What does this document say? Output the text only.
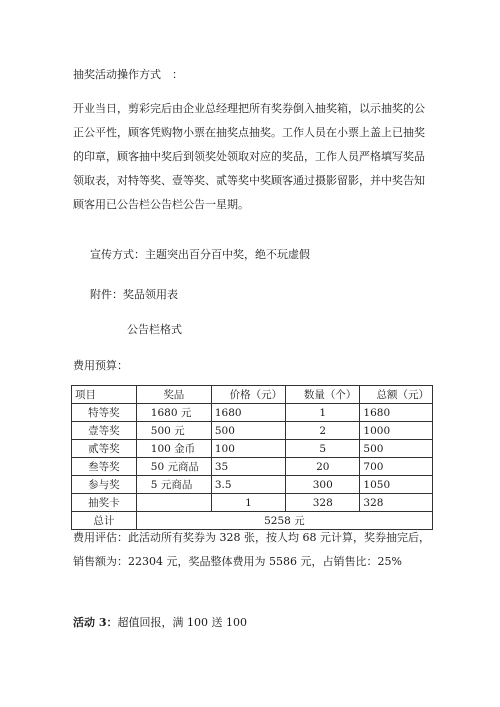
抽奖活动操作方式　：
开业当日，剪彩完后由企业总经理把所有奖券倒入抽奖箱，以示抽奖的公正公平性，顾客凭购物小票在抽奖点抽奖。工作人员在小票上盖上已抽奖的印章，顾客抽中奖后到领奖处领取对应的奖品，工作人员严格填写奖品领取表，对特等奖、壹等奖、贰等奖中奖顾客通过摄影留影，并中奖告知顾客用已公告栏公告栏公告一星期。
宣传方式：主题突出百分百中奖，绝不玩虚假
附件：奖品领用表
公告栏格式
费用预算：
项目	奖品	价格（元）	数量（个）	总额（元）
特等奖	1680 元	1680	1	1680
壹等奖	500 元	500	2	1000
贰等奖	100 金币	100	5	500
叁等奖	50 元商品	35	20	700
参与奖	5 元商品	3.5	300	1050
抽奖卡		1	328	328
总计	5258 元			
费用评估：此活动所有奖券为 328 张，按人均 68 元计算，奖券抽完后，销售额为：22304 元，奖品整体费用为 5586 元，占销售比：25%
活动 3：超值回报，满 100 送 100
